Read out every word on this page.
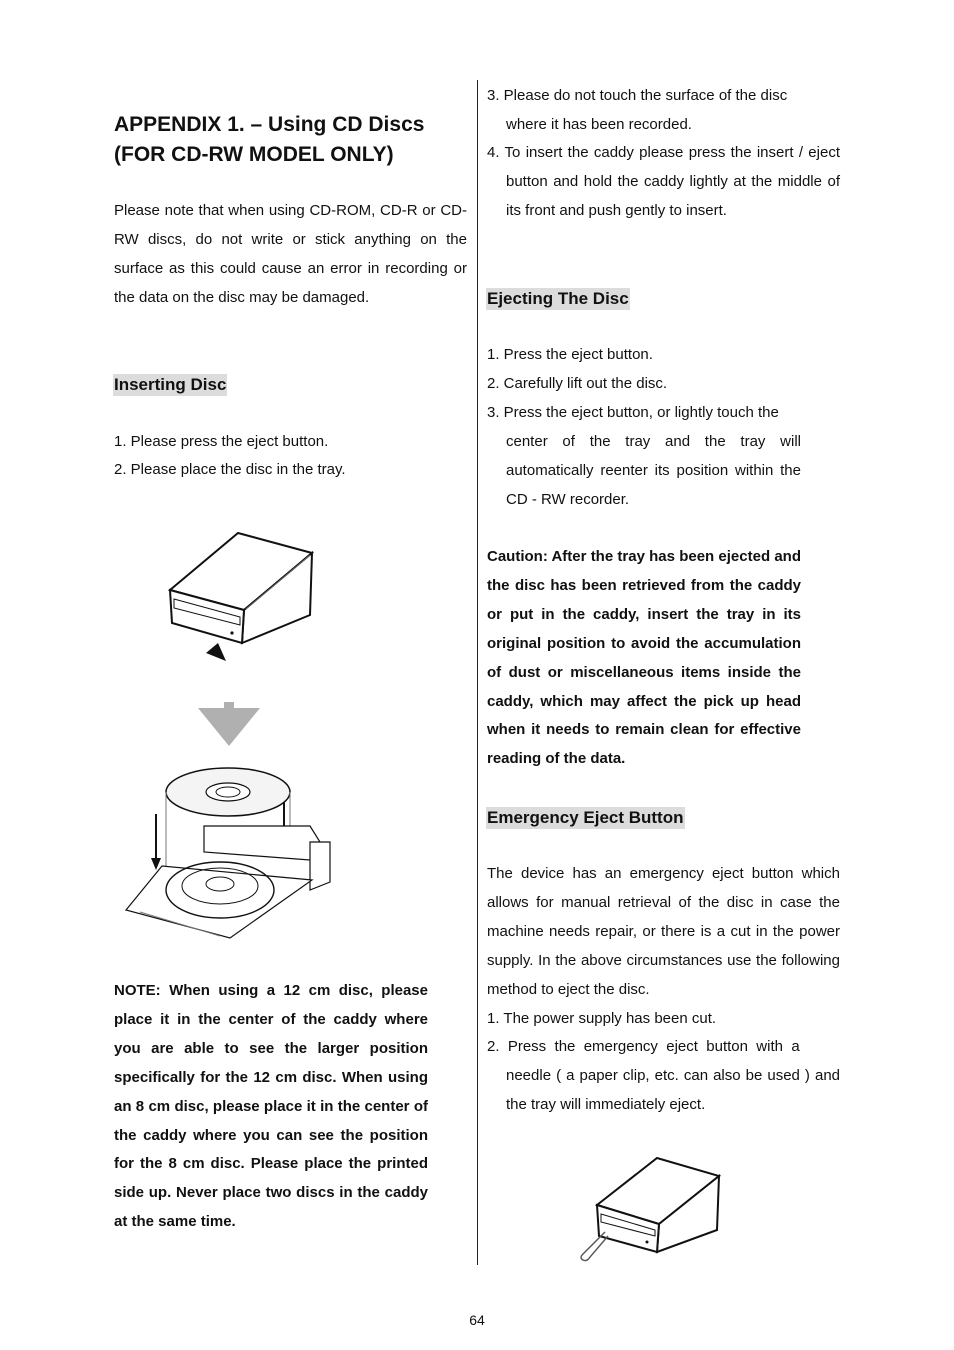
APPENDIX 1. – Using CD Discs
(FOR CD-RW MODEL ONLY)

Please note that when using CD-ROM, CD-R or CD-RW discs, do not write or stick anything on the surface as this could cause an error in recording or the data on the disc may be damaged.

Inserting Disc
1. Please press the eject button.
2. Please place the disc in the tray.

NOTE: When using a 12 cm disc, please place it in the center of the caddy where you are able to see the larger position specifically for the 12 cm disc. When using an 8 cm disc, please place it in the center of the caddy where you can see the position for the 8 cm disc. Please place the printed side up. Never place two discs in the caddy at the same time.

3. Please do not touch the surface of the disc
where it has been recorded.

4. To insert the caddy please press the insert / eject button and hold the caddy lightly at the middle of its front and push gently to insert.

Ejecting The Disc
1. Press the eject button.
2. Carefully lift out the disc.
3. Press the eject button, or lightly touch the

center of the tray and the tray will automatically reenter its position within the CD - RW recorder.

Caution: After the tray has been ejected and the disc has been retrieved from the caddy or put in the caddy, insert the tray in its original position to avoid the accumulation of dust or miscellaneous items inside the caddy, which may affect the pick up head when it needs to remain clean for effective reading of the data.

Emergency Eject Button

The device has an emergency eject button which allows for manual retrieval of the disc in case the machine needs repair, or there is a cut in the power supply. In the above circumstances use the following method to eject the disc.

1. The power supply has been cut.
2.  Press  the  emergency  eject  button  with  a

needle ( a paper clip, etc. can also be used ) and the tray will immediately eject.

64
